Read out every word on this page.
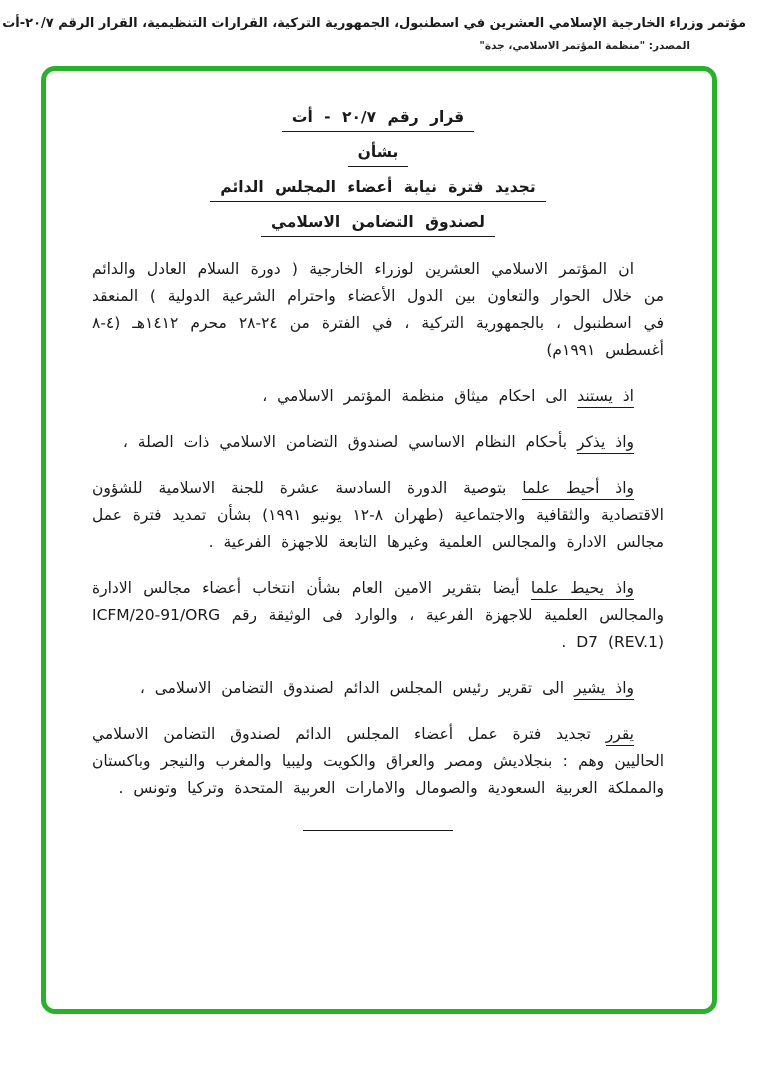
مؤتمر وزراء الخارجية الإسلامي العشرين في اسطنبول، الجمهورية التركية، القرارات التنظيمية، القرار الرقم ٢٠/٧-أت
المصدر: "منظمة المؤتمر الاسلامي، جدة"
قرار رقم ٢٠/٧ - أت
بشأن
تجديد فترة نيابة أعضاء المجلس الدائم
لصندوق التضامن الاسلامي

ان المؤتمر الاسلامي العشرين لوزراء الخارجية ( دورة السلام العادل والدائم من خلال الحوار والتعاون بين الدول الأعضاء واحترام الشرعية الدولية ) المنعقد في اسطنبول ، بالجمهورية التركية ، في الفترة من ٢٤-٢٨ محرم ١٤١٢هـ (٤-٨ أغسطس ١٩٩١م)

اذ يستند الى احكام ميثاق منظمة المؤتمر الاسلامي ،

واذ يذكر بأحكام النظام الاساسي لصندوق التضامن الاسلامي ذات الصلة ،

واذ أحيط علما بتوصية الدورة السادسة عشرة للجنة الاسلامية للشؤون الاقتصادية والثقافية والاجتماعية (طهران ٨-١٢ يونيو ١٩٩١) بشأن تمديد فترة عمل مجالس الادارة والمجالس العلمية وغيرها التابعة للاجهزة الفرعية .

واذ يحيط علما أيضا بتقرير الامين العام بشأن انتخاب أعضاء مجالس الادارة والمجالس العلمية للاجهزة الفرعية ، والوارد فى الوثيقة رقم ICFM/20-91/ORG D7 (REV.1) .

واذ يشير الى تقرير رئيس المجلس الدائم لصندوق التضامن الاسلامى ،

يقرر تجديد فترة عمل أعضاء المجلس الدائم لصندوق التضامن الاسلامي الحاليين وهم : بنجلاديش ومصر والعراق والكويت وليبيا والمغرب والنيجر وباكستان والمملكة العربية السعودية والصومال والامارات العربية المتحدة وتركيا وتونس .
